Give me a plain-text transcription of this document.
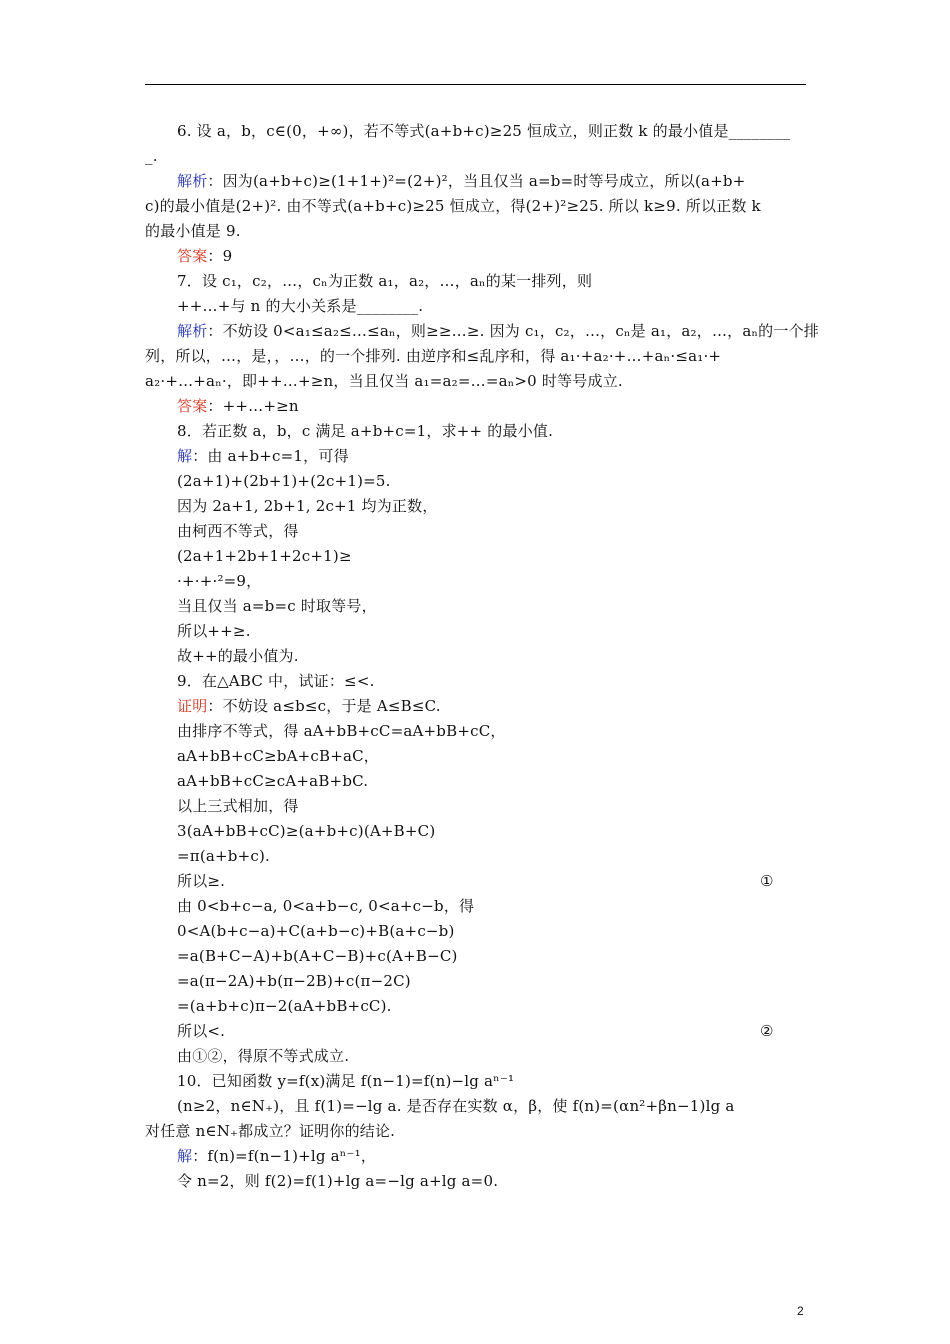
6. 设 a，b，c∈(0，+∞)，若不等式(a+b+c)≥25 恒成立，则正数 k 的最小值是________
_.
解析：因为(a+b+c)≥(1+1+)²=(2+)²，当且仅当 a=b=时等号成立，所以(a+b+
c)的最小值是(2+)². 由不等式(a+b+c)≥25 恒成立，得(2+)²≥25. 所以 k≥9. 所以正数 k
的最小值是 9.
答案：9
7．设 c₁，c₂，…，cₙ为正数 a₁，a₂，…，aₙ的某一排列，则
++…+与 n 的大小关系是________.
解析：不妨设 0<a₁≤a₂≤…≤aₙ，则≥≥…≥. 因为 c₁，c₂，…，cₙ是 a₁，a₂，…，aₙ的一个排
列，所以，…，是，，…，的一个排列. 由逆序和≤乱序和，得 a₁·+a₂·+…+aₙ·≤a₁·+
a₂·+…+aₙ·，即++…+≥n，当且仅当 a₁=a₂=…=aₙ>0 时等号成立.
答案：++…+≥n
8．若正数 a，b，c 满足 a+b+c=1，求++ 的最小值.
解：由 a+b+c=1，可得
(2a+1)+(2b+1)+(2c+1)=5.
因为 2a+1, 2b+1, 2c+1 均为正数，
由柯西不等式，得
(2a+1+2b+1+2c+1)≥
·+·+·²=9，
当且仅当 a=b=c 时取等号，
所以++≥.
故++的最小值为.
9．在△ABC 中，试证：≤<.
证明：不妨设 a≤b≤c，于是 A≤B≤C.
由排序不等式，得 aA+bB+cC=aA+bB+cC，
aA+bB+cC≥bA+cB+aC，
aA+bB+cC≥cA+aB+bC.
以上三式相加，得
3(aA+bB+cC)≥(a+b+c)(A+B+C)
=π(a+b+c).
所以≥.	①
由 0<b+c−a, 0<a+b−c, 0<a+c−b，得
0<A(b+c−a)+C(a+b−c)+B(a+c−b)
=a(B+C−A)+b(A+C−B)+c(A+B−C)
=a(π−2A)+b(π−2B)+c(π−2C)
=(a+b+c)π−2(aA+bB+cC).
所以<.	②
由①②，得原不等式成立.
10．已知函数 y=f(x)满足 f(n−1)=f(n)−lg aⁿ⁻¹
(n≥2，n∈N₊)，且 f(1)=−lg a. 是否存在实数 α，β，使 f(n)=(αn²+βn−1)lg a
对任意 n∈N₊都成立？证明你的结论.
解：f(n)=f(n−1)+lg aⁿ⁻¹，
令 n=2，则 f(2)=f(1)+lg a=−lg a+lg a=0.
2
